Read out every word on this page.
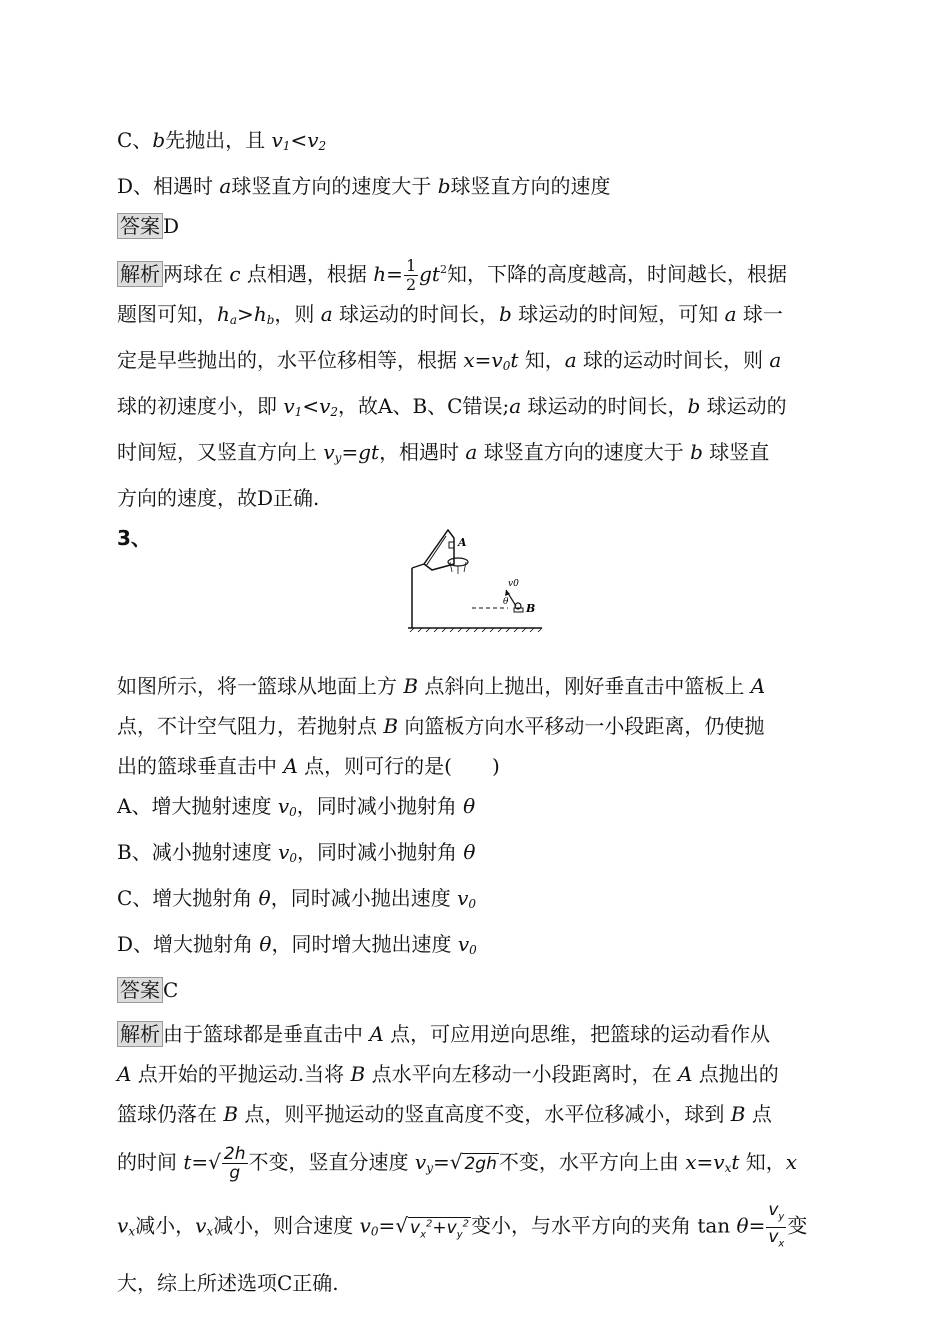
C、b先抛出，且 $v_1<v_2$
D、相遇时 a球竖直方向的速度大于 b球竖直方向的速度
答案 D
解析 两球在 c 点相遇，根据 $h= \frac{1}{2} gt^2$知，下降的高度越高，时间越长，根据
题图可知，$h_a>h_b$，则 a 球运动的时间长，b 球运动的时间短，可知 a 球一
定是早些抛出的，水平位移相等，根据 $x=v_0t$ 知，a 球的运动时间长，则 a
球的初速度小，即 $v_1<v_2$，故A、B、C错误;a 球运动的时间长，b 球运动的
时间短，又竖直方向上 $v_y=gt$，相遇时 a 球竖直方向的速度大于 b 球竖直
方向的速度，故D正确.
3、
如图所示，将一篮球从地面上方 B 点斜向上抛出，刚好垂直击中篮板上 A
点，不计空气阻力，若抛射点 B 向篮板方向水平移动一小段距离，仍使抛
出的篮球垂直击中 A 点，则可行的是(　　)
A、增大抛射速度 $v_0$，同时减小抛射角 θ
B、减小抛射速度 $v_0$，同时减小抛射角 θ
C、增大抛射角 θ，同时减小抛出速度 $v_0$
D、增大抛射角 θ，同时增大抛出速度 $v_0$
答案 C
解析 由于篮球都是垂直击中 A 点，可应用逆向思维，把篮球的运动看作从
A 点开始的平抛运动.当将 B 点水平向左移动一小段距离时，在 A 点抛出的
篮球仍落在 B 点，则平抛运动的竖直高度不变，水平位移减小，球到 B 点
的时间 $t=√ \frac{2h}{g}$ 不变，竖直分速度 $v_y=√$ 2gh 不变，水平方向上由 $x=v_xt$ 知，x
$v_x$减小，$v_x$减小，则合速度 $v_0=√$ $v_x^2+v_y^2$ 变小，与水平方向的夹角 $\tan \theta= \frac{v_y}{v_x}$ 变
大，综上所述选项C正确.
A
v0
θ B
